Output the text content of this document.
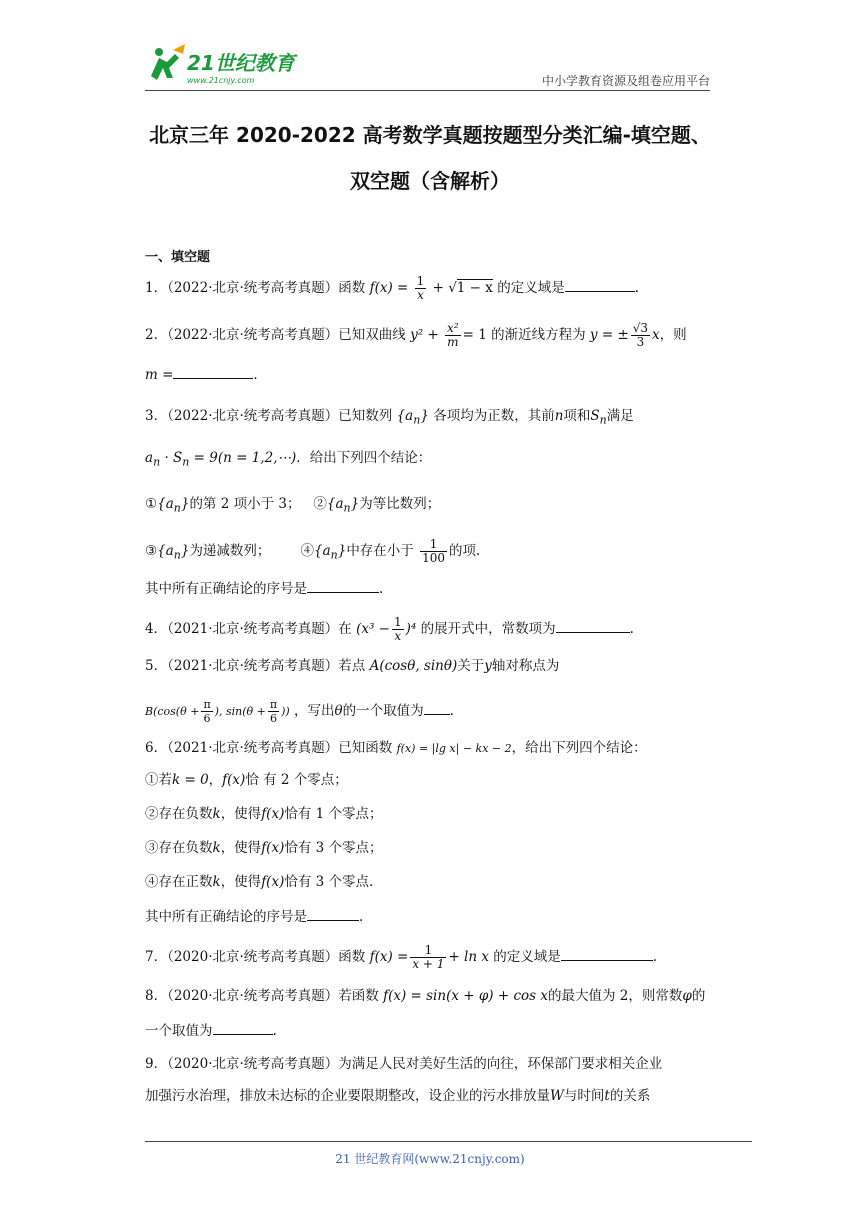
21世纪教育
www.21cnjy.com	中小学教育资源及组卷应用平台
北京三年 2020-2022 高考数学真题按题型分类汇编-填空题、
双空题（含解析）
一、填空题
1．（2022·北京·统考高考真题）函数 $f(x) = \frac{1}{x} + √1 - x$ 的定义域是	.
2．（2022·北京·统考高考真题）已知双曲线 $y^2 + \frac{\text{x²}}{m} = 1$ 的渐近线方程为 y = ± $\frac{√3}{3}$ x，则
m =	.
3．（2022·北京·统考高考真题）已知数列 $\{a_n\}$ 各项均为正数，其前n项和$S_n$满足
$a_n \cdot S_n = 9(n$ = 1,2,⋯)．给出下列四个结论：
$①\{a_n\}$的第 2 项小于 3； $②\{a_n\}$为等比数列；
$③\{a_n\}$为递减数列； $④\{a_n\}$中存在小于 $\frac{1}{100}$ 的项.
其中所有正确结论的序号是	.
4．（2021·北京·统考高考真题）在 $(x^3 - \frac{1}{x} )^4$ 的展开式中，常数项为	.
5．（2021·北京·统考高考真题）若点 A(cosθ, sinθ)关于y轴对称点为
$B(\cos(\theta + \frac{\pi}{6}$ ), $\sin(\theta + \frac{\pi}{6}$ )) ，写出θ的一个取值为 .
6．（2021·北京·统考高考真题）已知函数 f(x) = |lg x| − kx − 2，给出下列四个结论：
①若k = 0，f(x)恰 有 2 个零点；
②存在负数k，使得f(x)恰有 1 个零点；
③存在负数k，使得f(x)恰有 3 个零点；
④存在正数k，使得f(x)恰有 3 个零点.
其中所有正确结论的序号是	.
7．（2020·北京·统考高考真题）函数 $f(x) = \frac{1}{x + 1} + \ln x$ 的定义域是	.
8．（2020·北京·统考高考真题）若函数 f(x) = sin(x + φ) + cos x的最大值为 2，则常数φ的
一个取值为	.
9．（2020·北京·统考高考真题）为满足人民对美好生活的向往，环保部门要求相关企业
加强污水治理，排放未达标的企业要限期整改，设企业的污水排放量W与时间t的关系
21 世纪教育网(www.21cnjy.com)
